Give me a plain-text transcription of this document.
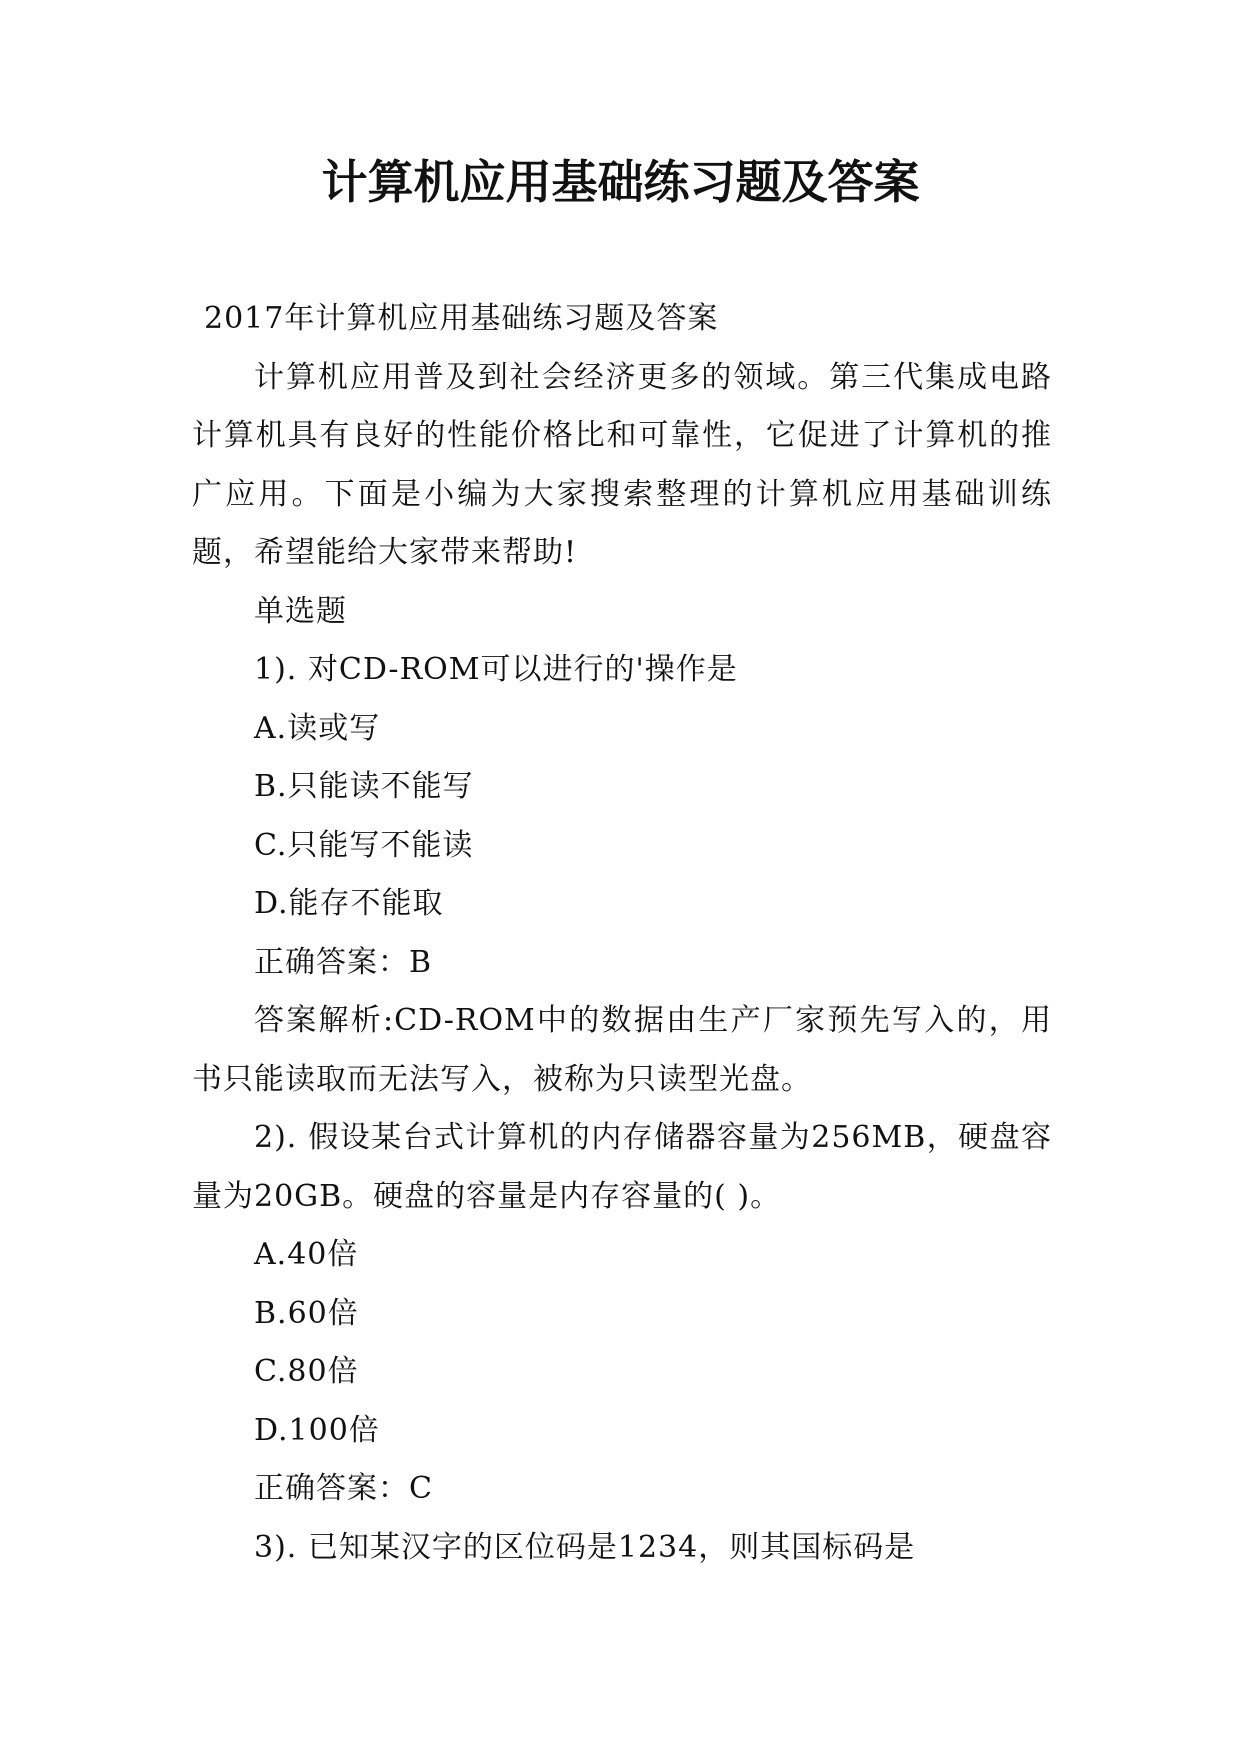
计算机应用基础练习题及答案

2017年计算机应用基础练习题及答案

计算机应用普及到社会经济更多的领域。第三代集成电路计算机具有良好的性能价格比和可靠性，它促进了计算机的推广应用。下面是小编为大家搜索整理的计算机应用基础训练题，希望能给大家带来帮助!

单选题

1). 对CD-ROM可以进行的'操作是

A.读或写

B.只能读不能写

C.只能写不能读

D.能存不能取

正确答案：B

答案解析:CD-ROM中的数据由生产厂家预先写入的，用书只能读取而无法写入，被称为只读型光盘。

2). 假设某台式计算机的内存储器容量为256MB，硬盘容量为20GB。硬盘的容量是内存容量的( )。

A.40倍

B.60倍

C.80倍

D.100倍

正确答案：C

3). 已知某汉字的区位码是1234，则其国标码是
